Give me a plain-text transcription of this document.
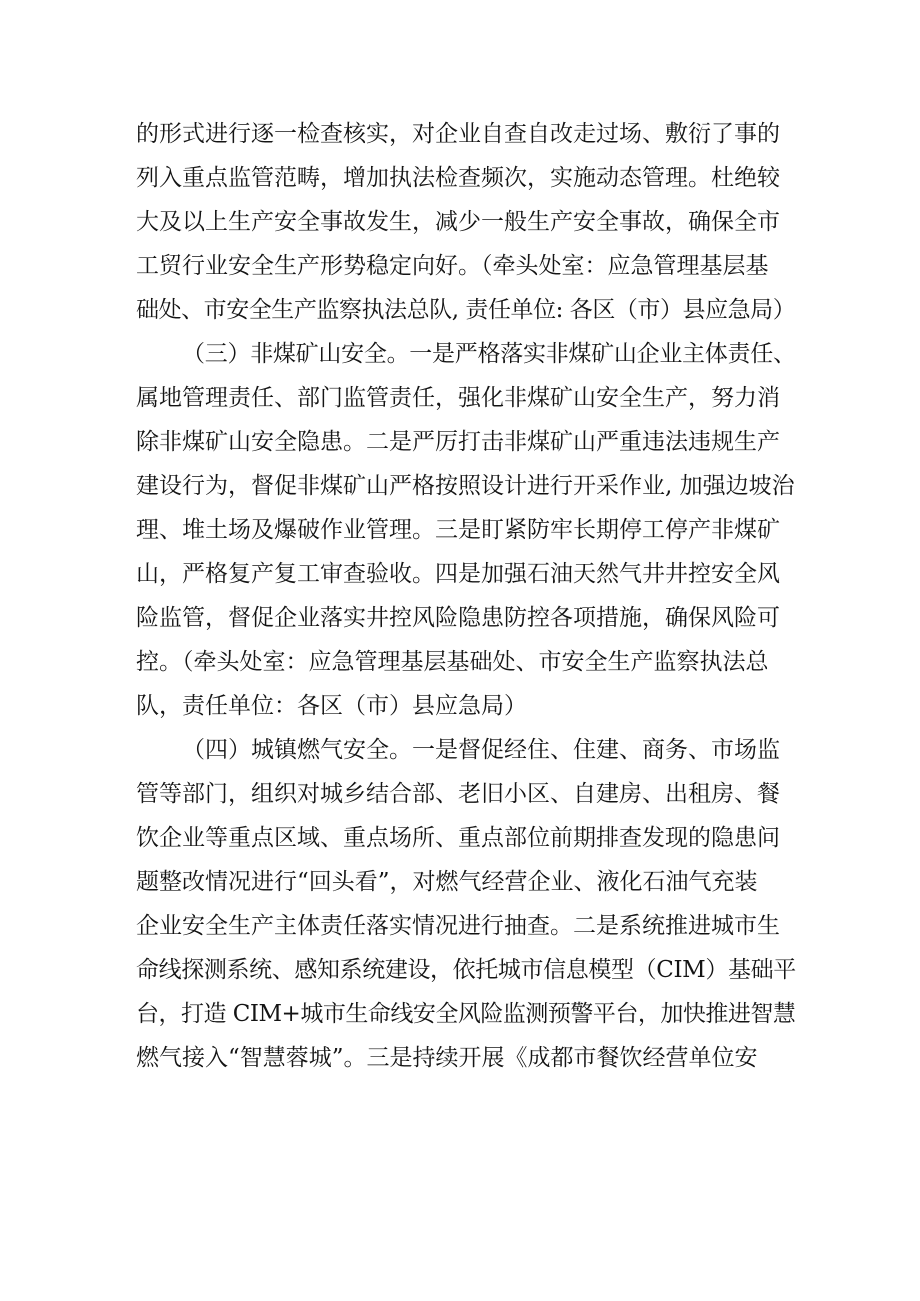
的形式进行逐一检查核实，对企业自查自改走过场、敷衍了事的
列入重点监管范畴，增加执法检查频次，实施动态管理。杜绝较
大及以上生产安全事故发生，减少一般生产安全事故，确保全市
工贸行业安全生产形势稳定向好。（牵头处室：应急管理基层基
础处、市安全生产监察执法总队, 责任单位: 各区（市）县应急局）
（三）非煤矿山安全。一是严格落实非煤矿山企业主体责任、
属地管理责任、部门监管责任，强化非煤矿山安全生产，努力消
除非煤矿山安全隐患。二是严厉打击非煤矿山严重违法违规生产
建设行为，督促非煤矿山严格按照设计进行开采作业, 加强边坡治
理、堆土场及爆破作业管理。三是盯紧防牢长期停工停产非煤矿
山，严格复产复工审查验收。四是加强石油天然气井井控安全风
险监管，督促企业落实井控风险隐患防控各项措施，确保风险可
控。（牵头处室：应急管理基层基础处、市安全生产监察执法总
队，责任单位：各区（市）县应急局）
（四）城镇燃气安全。一是督促经住、住建、商务、市场监
管等部门，组织对城乡结合部、老旧小区、自建房、出租房、餐
饮企业等重点区域、重点场所、重点部位前期排查发现的隐患问
题整改情况进行“回头看”，对燃气经营企业、液化石油气充装
企业安全生产主体责任落实情况进行抽查。二是系统推进城市生
命线探测系统、感知系统建设，依托城市信息模型（CIM）基础平
台，打造 CIM+城市生命线安全风险监测预警平台，加快推进智慧
燃气接入“智慧蓉城”。三是持续开展《成都市餐饮经营单位安
